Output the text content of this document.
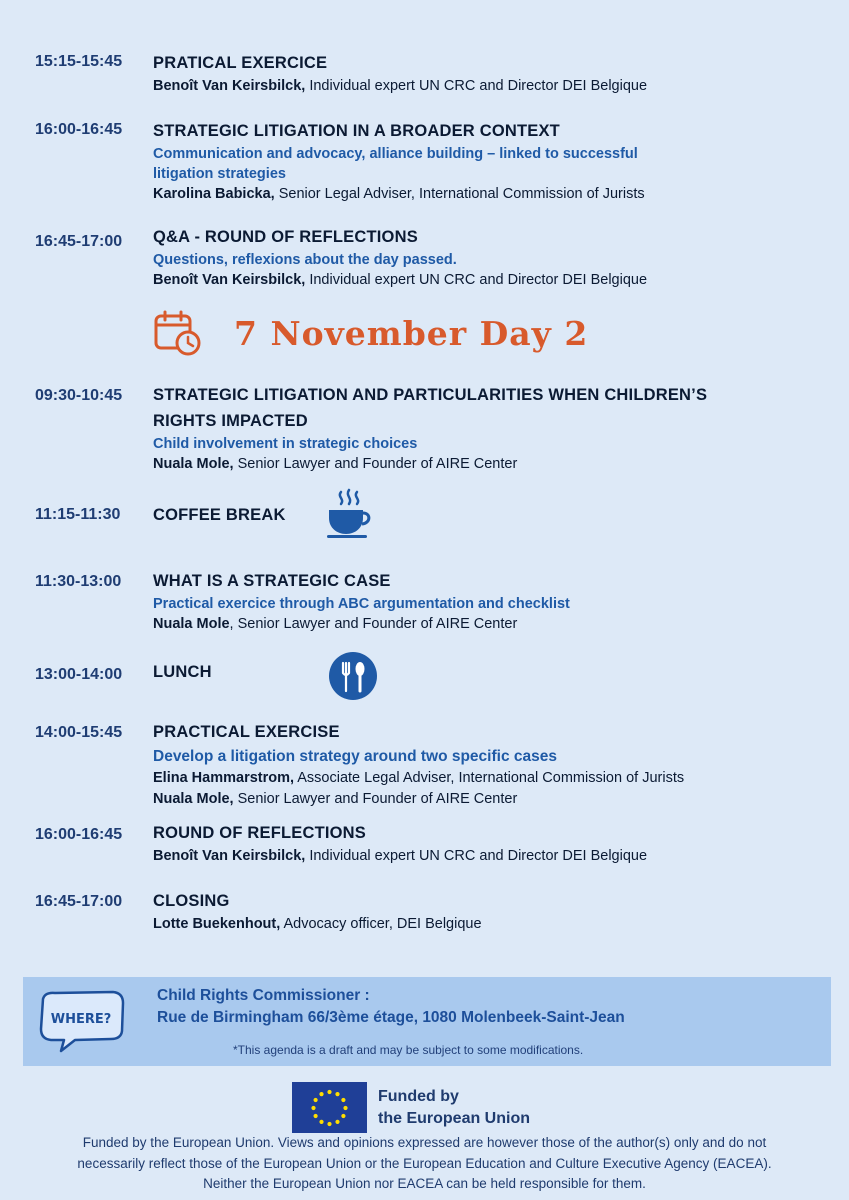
15:15-15:45 PRATICAL EXERCICE
Benoît Van Keirsbilck, Individual expert UN CRC and Director DEI Belgique
16:00-16:45 STRATEGIC LITIGATION IN A BROADER CONTEXT
Communication and advocacy, alliance building – linked to successful
litigation strategies
Karolina Babicka, Senior Legal Adviser, International Commission of Jurists
16:45-17:00 Q&A - ROUND OF REFLECTIONS
Questions, reflexions about the day passed.
Benoît Van Keirsbilck, Individual expert UN CRC and Director DEI Belgique
7 November Day 2
09:30-10:45 STRATEGIC LITIGATION AND PARTICULARITIES WHEN CHILDREN’S
RIGHTS IMPACTED
Child involvement in strategic choices
Nuala Mole, Senior Lawyer and Founder of AIRE Center
11:15-11:30 COFFEE BREAK
11:30-13:00 WHAT IS A STRATEGIC CASE
Practical exercice through ABC argumentation and checklist
Nuala Mole, Senior Lawyer and Founder of AIRE Center
13:00-14:00 LUNCH
14:00-15:45 PRACTICAL EXERCISE
Develop a litigation strategy around two specific cases
Elina Hammarstrom, Associate Legal Adviser, International Commission of Jurists
Nuala Mole, Senior Lawyer and Founder of AIRE Center
16:00-16:45 ROUND OF REFLECTIONS
Benoît Van Keirsbilck, Individual expert UN CRC and Director DEI Belgique
16:45-17:00 CLOSING
Lotte Buekenhout, Advocacy officer, DEI Belgique
WHERE?
Child Rights Commissioner :
Rue de Birmingham 66/3ème étage, 1080 Molenbeek-Saint-Jean
*This agenda is a draft and may be subject to some modifications.
Funded by
the European Union
Funded by the European Union. Views and opinions expressed are however those of the author(s) only and do not
necessarily reflect those of the European Union or the European Education and Culture Executive Agency (EACEA).
Neither the European Union nor EACEA can be held responsible for them.
